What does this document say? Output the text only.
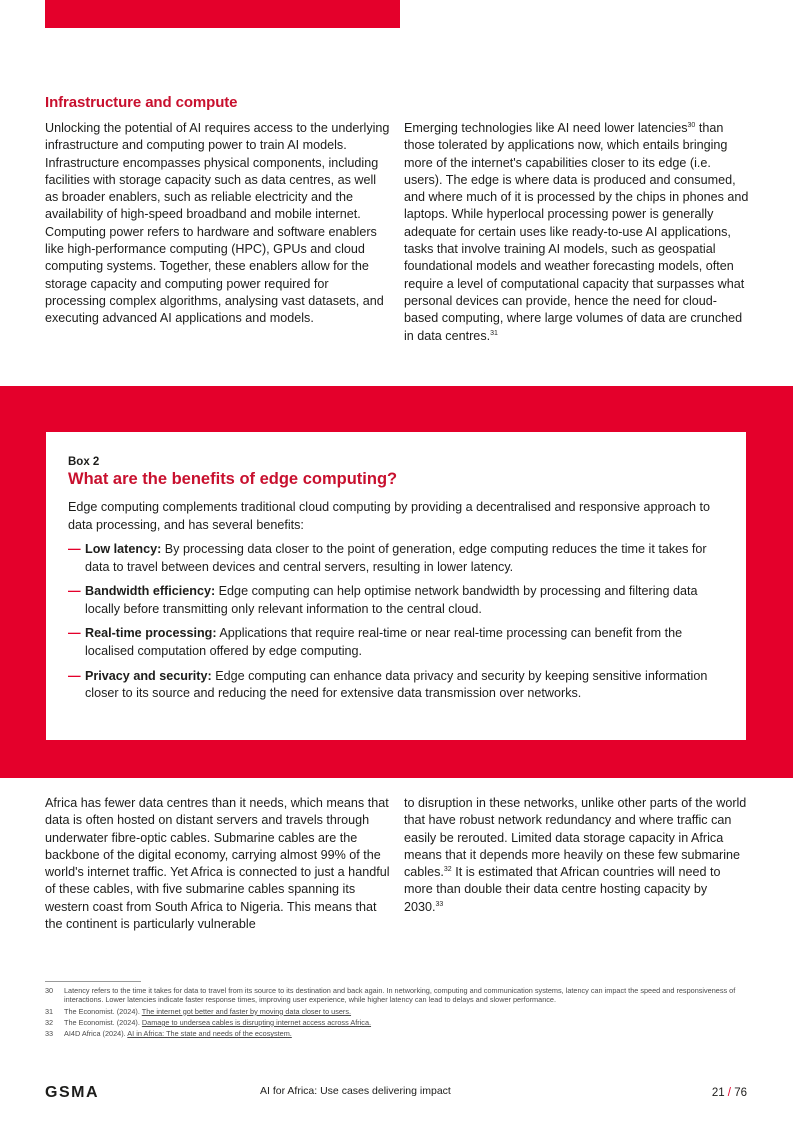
Infrastructure and compute

Unlocking the potential of AI requires access to the underlying infrastructure and computing power to train AI models. Infrastructure encompasses physical components, including facilities with storage capacity such as data centres, as well as broader enablers, such as reliable electricity and the availability of high-speed broadband and mobile internet. Computing power refers to hardware and software enablers like high-performance computing (HPC), GPUs and cloud computing systems. Together, these enablers allow for the storage capacity and computing power required for processing complex algorithms, analysing vast datasets, and executing advanced AI applications and models.

Emerging technologies like AI need lower latencies$^{30}$ than those tolerated by applications now, which entails bringing more of the internet's capabilities closer to its edge (i.e. users). The edge is where data is produced and consumed, and where much of it is processed by the chips in phones and laptops. While hyperlocal processing power is generally adequate for certain uses like ready-to-use AI applications, tasks that involve training AI models, such as geospatial foundational models and weather forecasting models, often require a level of computational capacity that surpasses what personal devices can provide, hence the need for cloud-based computing, where large volumes of data are crunched in data centres.$^{31}$

Box 2
What are the benefits of edge computing?

Edge computing complements traditional cloud computing by providing a decentralised and responsive approach to data processing, and has several benefits:

— Low latency: By processing data closer to the point of generation, edge computing reduces the time it takes for data to travel between devices and central servers, resulting in lower latency.
— Bandwidth efficiency: Edge computing can help optimise network bandwidth by processing and filtering data locally before transmitting only relevant information to the central cloud.
— Real-time processing: Applications that require real-time or near real-time processing can benefit from the localised computation offered by edge computing.
— Privacy and security: Edge computing can enhance data privacy and security by keeping sensitive information closer to its source and reducing the need for extensive data transmission over networks.

Africa has fewer data centres than it needs, which means that data is often hosted on distant servers and travels through underwater fibre-optic cables. Submarine cables are the backbone of the digital economy, carrying almost 99% of the world's internet traffic. Yet Africa is connected to just a handful of these cables, with five submarine cables spanning its western coast from South Africa to Nigeria. This means that the continent is particularly vulnerable

to disruption in these networks, unlike other parts of the world that have robust network redundancy and where traffic can easily be rerouted. Limited data storage capacity in Africa means that it depends more heavily on these few submarine cables.$^{32}$ It is estimated that African countries will need to more than double their data centre hosting capacity by 2030.33

30	Latency refers to the time it takes for data to travel from its source to its destination and back again. In networking, computing and communication systems, latency can impact the speed and responsiveness of interactions. Lower latencies indicate faster response times, improving user experience, while higher latency can lead to delays and slower performance.
31	The Economist. (2024). The internet got better and faster by moving data closer to users.
32	The Economist. (2024). Damage to undersea cables is disrupting internet access across Africa.
33	AI4D Africa (2024). AI in Africa: The state and needs of the ecosystem.
GSMA	AI for Africa: Use cases delivering impact	21 / 76
